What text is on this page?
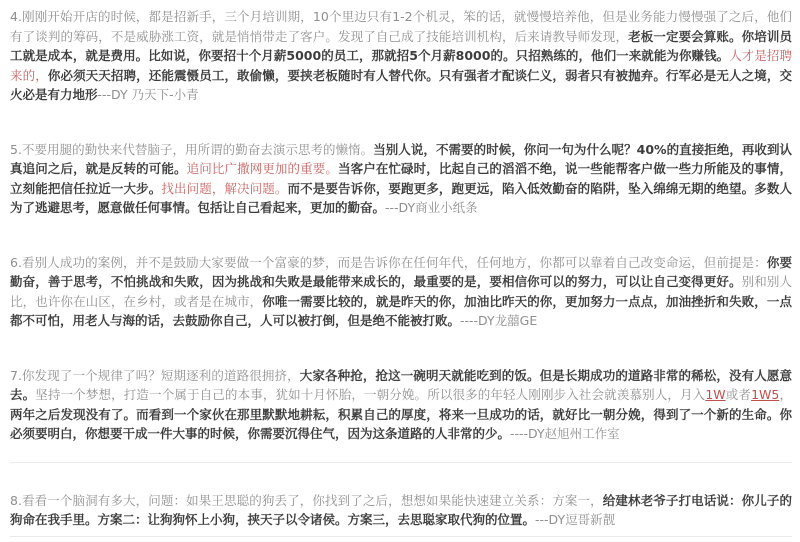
4.刚刚开始开店的时候，都是招新手，三个月培训期，10个里边只有1-2个机灵，笨的话，就慢慢培养他，但是业务能力慢慢强了之后，他们有了谈判的筹码，不是威胁涨工资，就是悄悄带走了客户。发现了自己成了技能培训机构，后来请教导师发现，老板一定要会算账。你培训员工就是成本，就是费用。比如说，你要招十个月薪5000的员工，那就招5个月薪8000的。只招熟练的，他们一来就能为你赚钱。人才是招聘来的，你必须天天招聘，还能震慑员工，敢偷懒，要挟老板随时有人替代你。只有强者才配谈仁义，弱者只有被抛弃。行军必是无人之境，交火必是有力地形---DY 乃天下-小青

5.不要用腿的勤快来代替脑子，用所谓的勤奋去演示思考的懒惰。当别人说，不需要的时候，你问一句为什么呢？40%的直接拒绝，再收到认真追问之后，就是反转的可能。追问比广撒网更加的重要。当客户在忙碌时，比起自己的滔滔不绝，说一些能帮客户做一些力所能及的事情，立刻能把信任拉近一大步。找出问题，解决问题。而不是要告诉你，要跑更多，跑更远，陷入低效勤奋的陷阱，坠入绵绵无期的绝望。多数人为了逃避思考，愿意做任何事情。包括让自己看起来，更加的勤奋。---DY商业小纸条

6.看别人成功的案例，并不是鼓励大家要做一个富豪的梦，而是告诉你在任何年代，任何地方，你都可以靠着自己改变命运，但前提是：你要勤奋，善于思考，不怕挑战和失败，因为挑战和失败是最能带来成长的，最重要的是，要相信你可以的努力，可以让自己变得更好。别和别人比，也许你在山区，在乡村，或者是在城市，你唯一需要比较的，就是昨天的你，加油比昨天的你，更加努力一点点，加油挫折和失败，一点都不可怕，用老人与海的话，去鼓励你自己，人可以被打倒，但是绝不能被打败。----DY龙囍GE

7.你发现了一个规律了吗？短期逐利的道路很拥挤，大家各种抢，抢这一碗明天就能吃到的饭。但是长期成功的道路非常的稀松，没有人愿意去。坚持一个梦想，打造一个属于自己的本事，犹如十月怀胎，一朝分娩。所以很多的年轻人刚刚步入社会就羡慕别人，月入1W或者1W5，两年之后发现没有了。而看到一个家伙在那里默默地耕耘，积累自己的厚度，将来一旦成功的话，就好比一朝分娩，得到了一个新的生命。你必须要明白，你想要干成一件大事的时候，你需要沉得住气，因为这条道路的人非常的少。----DY赵旭州工作室

8.看看一个脑洞有多大，问题：如果王思聪的狗丢了，你找到了之后，想想如果能快速建立关系：方案一，给建林老爷子打电话说：你儿子的狗命在我手里。方案二：让狗狗怀上小狗，挟天子以令诸侯。方案三，去思聪家取代狗的位置。---DY逗哥新靓
